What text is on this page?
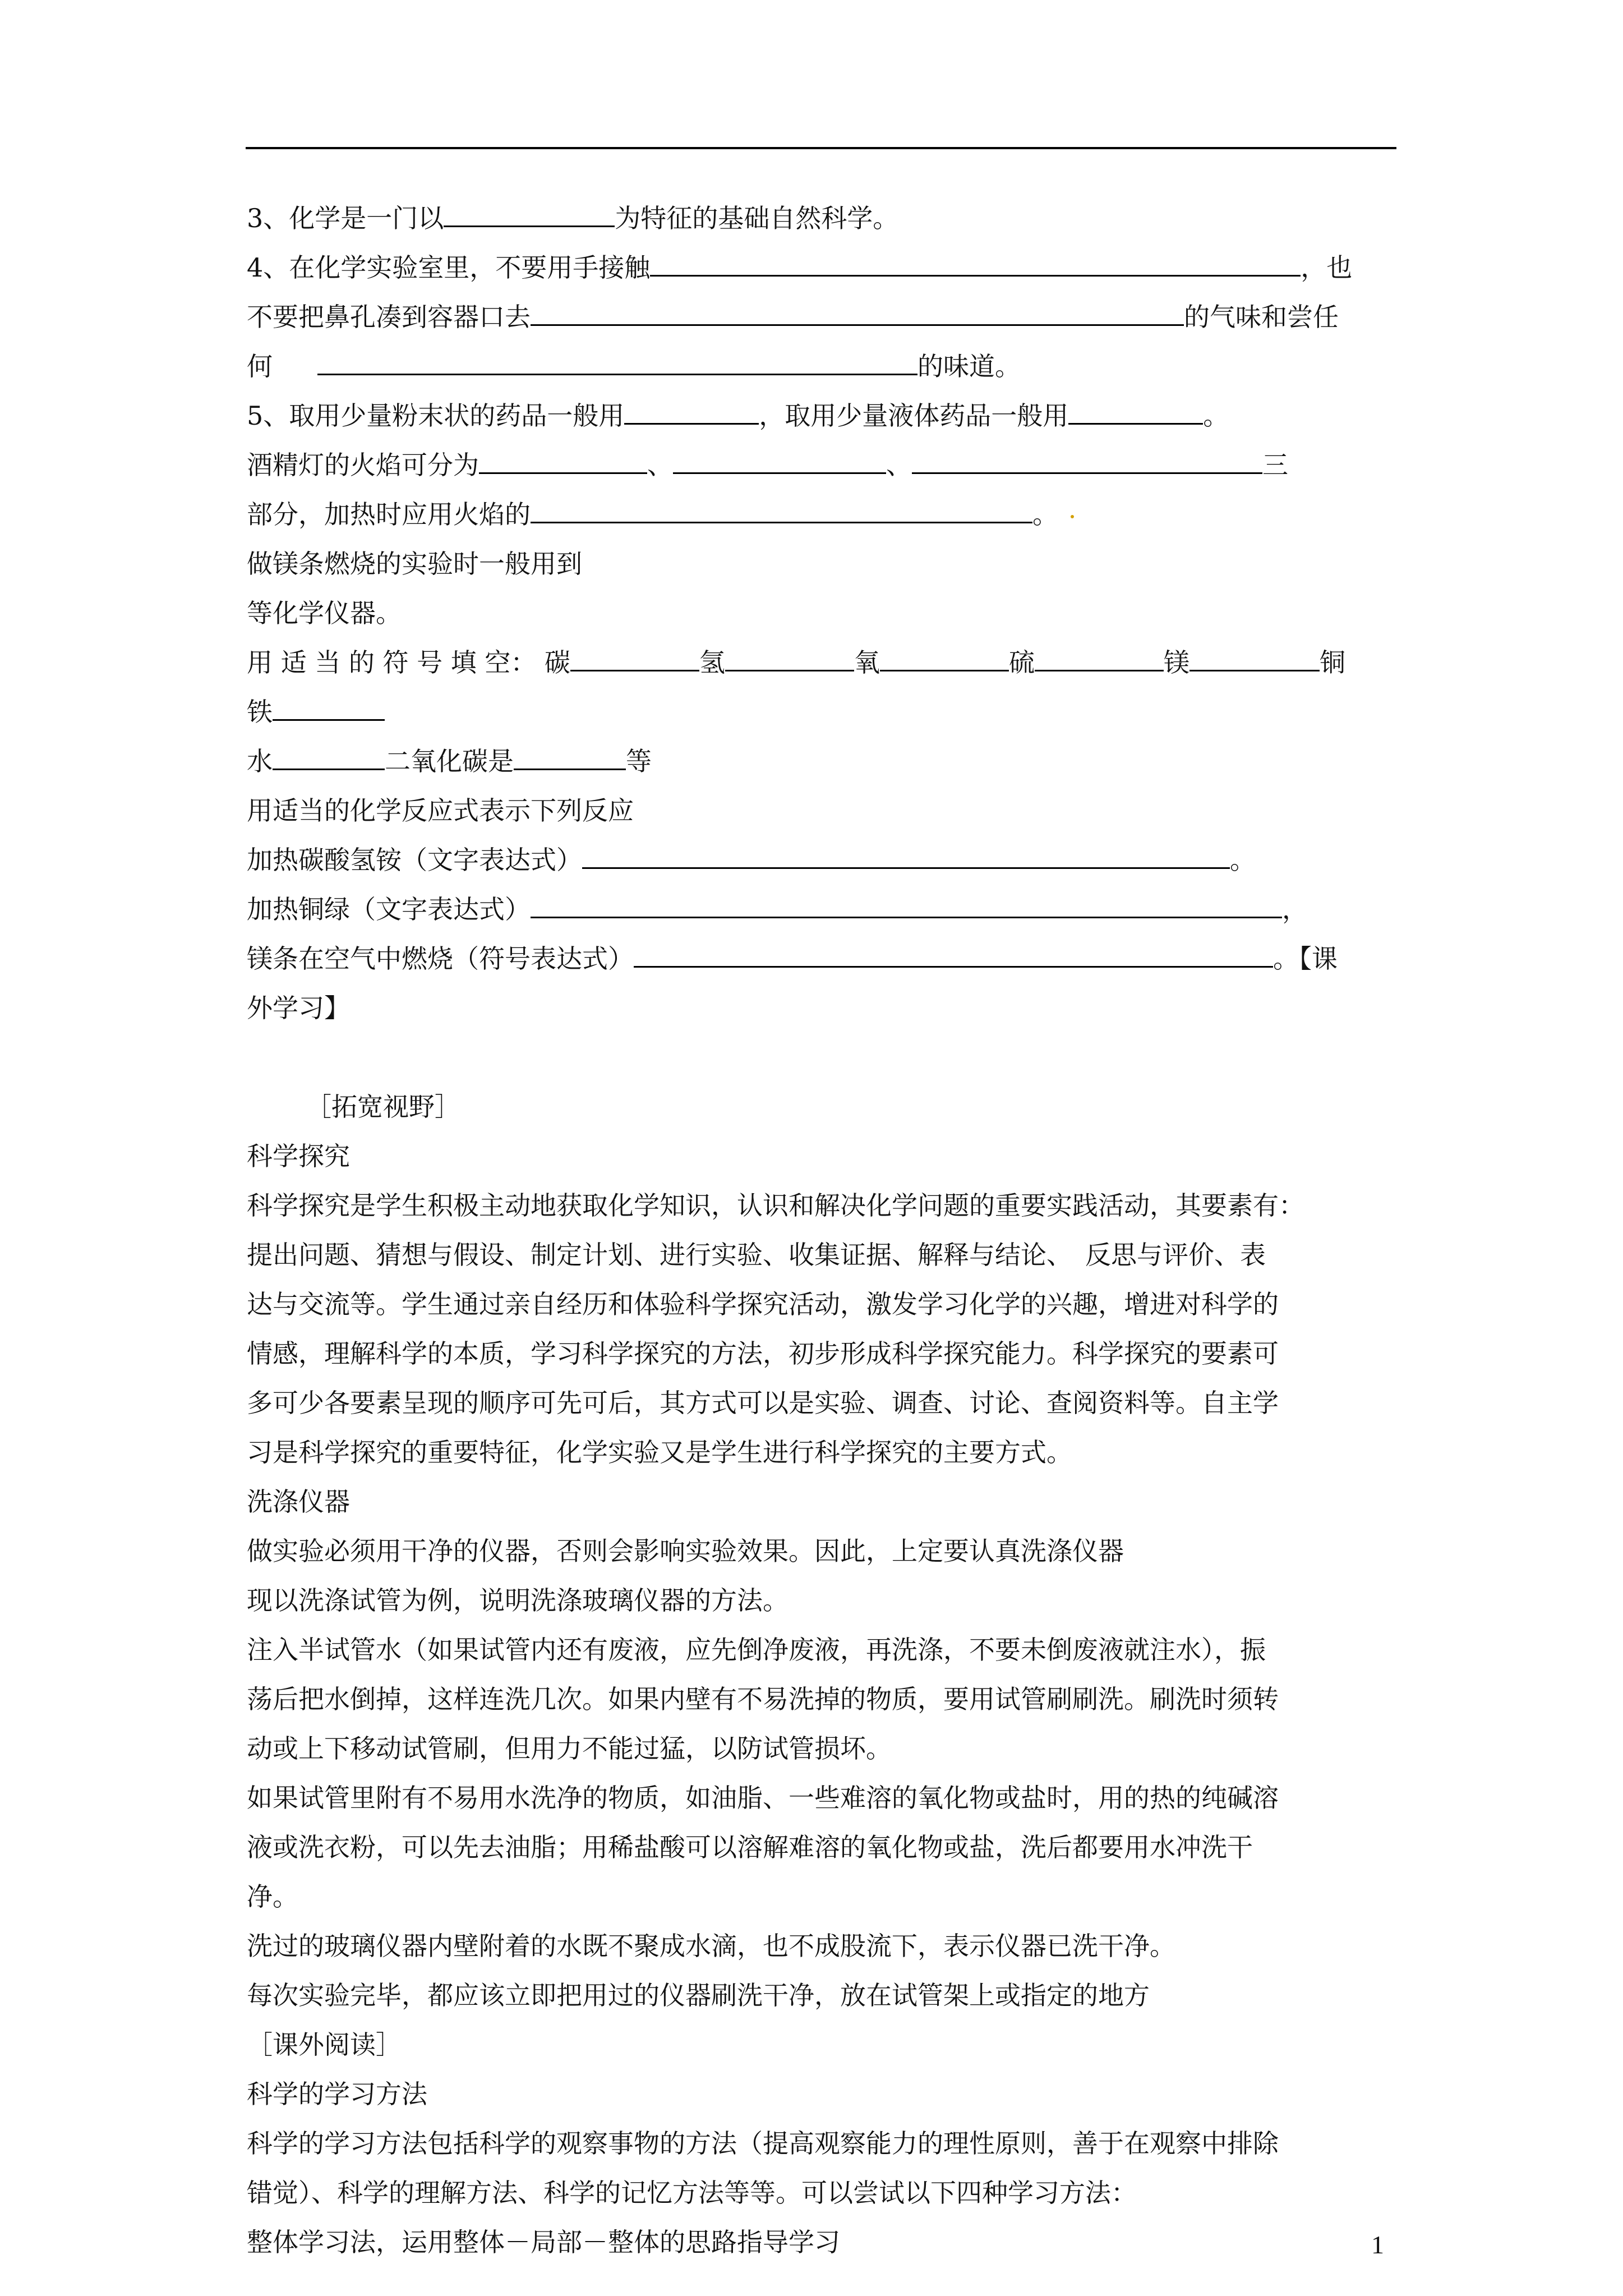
3、化学是一门以	为特征的基础自然科学。
4、在化学实验室里，不要用手接触	，也
不要把鼻孔凑到容器口去	的气味和尝任
何	的味道。
5、取用少量粉末状的药品一般用	，取用少量液体药品一般用	。
酒精灯的火焰可分为	、	、	三
部分，加热时应用火焰的	。
做镁条燃烧的实验时一般用到
等化学仪器。
用 适 当 的 符 号 填 空： 碳	氢	氧	硫	镁	铜
铁
水	二氧化碳是	等
用适当的化学反应式表示下列反应
加热碳酸氢铵（文字表达式）	。
加热铜绿（文字表达式）	，
镁条在空气中燃烧（符号表达式）	。【课
外学习】
［拓宽视野］
科学探究
科学探究是学生积极主动地获取化学知识，认识和解决化学问题的重要实践活动，其要素有：
提出问题、猜想与假设、制定计划、进行实验、收集证据、解释与结论、　反思与评价、表
达与交流等。学生通过亲自经历和体验科学探究活动，激发学习化学的兴趣，增进对科学的
情感，理解科学的本质，学习科学探究的方法，初步形成科学探究能力。科学探究的要素可
多可少各要素呈现的顺序可先可后，其方式可以是实验、调查、讨论、查阅资料等。自主学
习是科学探究的重要特征，化学实验又是学生进行科学探究的主要方式。
洗涤仪器
做实验必须用干净的仪器，否则会影响实验效果。因此，上定要认真洗涤仪器
现以洗涤试管为例，说明洗涤玻璃仪器的方法。
注入半试管水（如果试管内还有废液，应先倒净废液，再洗涤，不要未倒废液就注水），振
荡后把水倒掉，这样连洗几次。如果内壁有不易洗掉的物质，要用试管刷刷洗。刷洗时须转
动或上下移动试管刷，但用力不能过猛，以防试管损坏。
如果试管里附有不易用水洗净的物质，如油脂、一些难溶的氧化物或盐时，用的热的纯碱溶
液或洗衣粉，可以先去油脂；用稀盐酸可以溶解难溶的氧化物或盐，洗后都要用水冲洗干
净。
洗过的玻璃仪器内壁附着的水既不聚成水滴，也不成股流下，表示仪器已洗干净。
每次实验完毕，都应该立即把用过的仪器刷洗干净，放在试管架上或指定的地方
［课外阅读］
科学的学习方法
科学的学习方法包括科学的观察事物的方法（提高观察能力的理性原则，善于在观察中排除
错觉）、科学的理解方法、科学的记忆方法等等。可以尝试以下四种学习方法：
整体学习法，运用整体－局部－整体的思路指导学习	1
